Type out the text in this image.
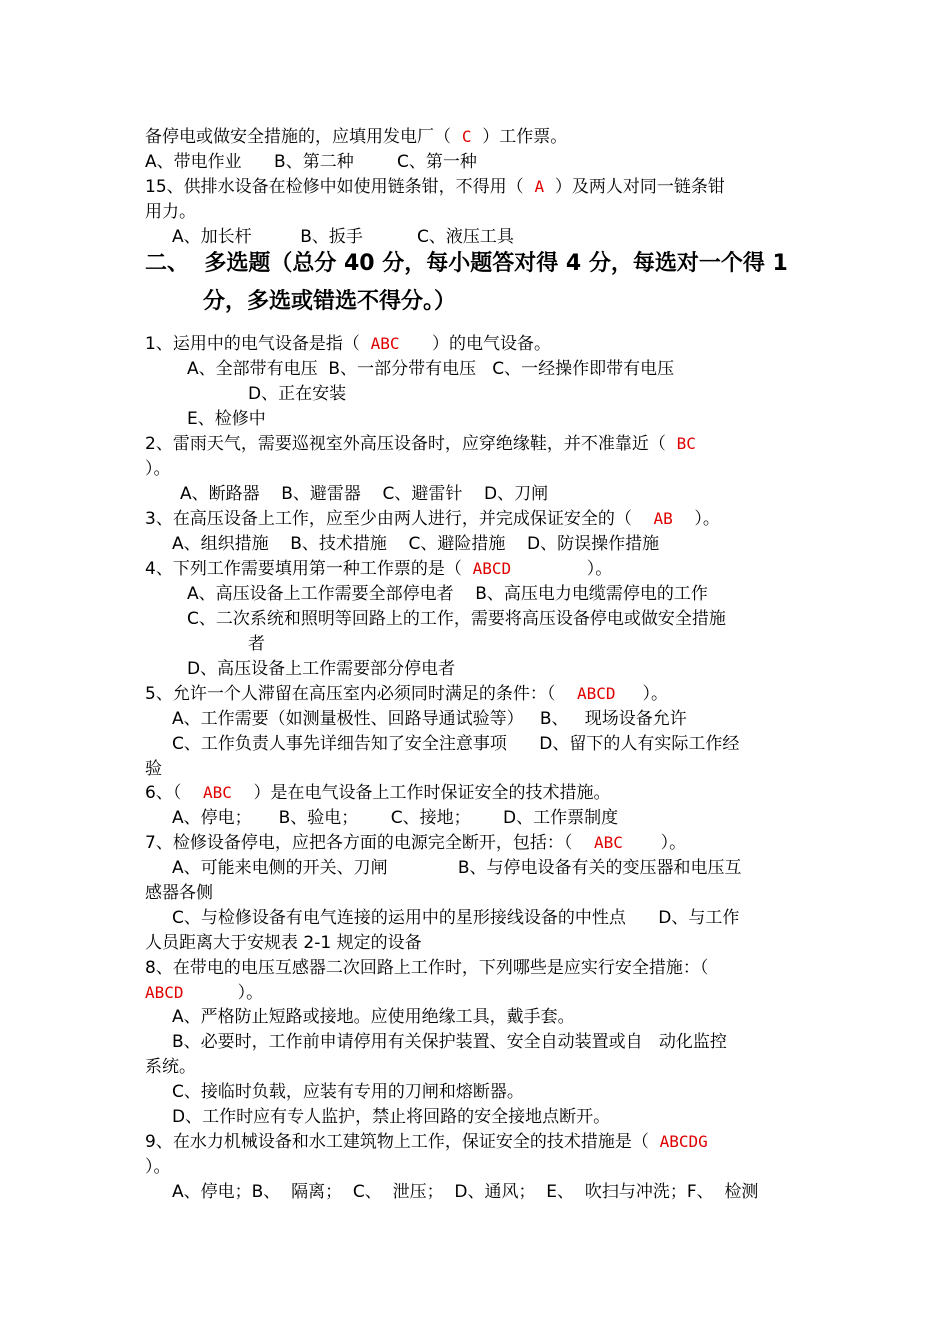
备停电或做安全措施的，应填用发电厂（  C  ）工作票。
A、带电作业      B、第二种        C、第一种
15、供排水设备在检修中如使用链条钳，不得用（  A  ）及两人对同一链条钳
用力。
A、加长杆         B、扳手          C、液压工具
二、  多选题（总分 40 分，每小题答对得 4 分，每选对一个得 1
分，多选或错选不得分。）
1、运用中的电气设备是指（  ABC      ）的电气设备。
A、全部带有电压  B、一部分带有电压   C、一经操作即带有电压
D、正在安装
E、检修中
2、雷雨天气，需要巡视室外高压设备时，应穿绝缘鞋，并不准靠近（  BC
）。
A、断路器    B、避雷器    C、避雷针    D、刀闸
3、在高压设备上工作，应至少由两人进行，并完成保证安全的（    AB    ）。
A、组织措施    B、技术措施    C、避险措施    D、防误操作措施
4、下列工作需要填用第一种工作票的是（  ABCD              ）。
A、高压设备上工作需要全部停电者    B、高压电力电缆需停电的工作
C、二次系统和照明等回路上的工作，需要将高压设备停电或做安全措施
者
D、高压设备上工作需要部分停电者
5、允许一个人滞留在高压室内必须同时满足的条件：（    ABCD     ）。
A、工作需要（如测量极性、回路导通试验等）   B、   现场设备允许
C、工作负责人事先详细告知了安全注意事项      D、留下的人有实际工作经
验
6、（    ABC    ）是在电气设备上工作时保证安全的技术措施。
A、停电；     B、验电；      C、接地；      D、工作票制度
7、检修设备停电，应把各方面的电源完全断开，包括：（    ABC       ）。
A、可能来电侧的开关、刀闸             B、与停电设备有关的变压器和电压互
感器各侧
C、与检修设备有电气连接的运用中的星形接线设备的中性点      D、与工作
人员距离大于安规表 2-1 规定的设备
8、在带电的电压互感器二次回路上工作时，下列哪些是应实行安全措施：（
ABCD          ）。
A、严格防止短路或接地。应使用绝缘工具，戴手套。
B、必要时，工作前申请停用有关保护装置、安全自动装置或自   动化监控
系统。
C、接临时负载，应装有专用的刀闸和熔断器。
D、工作时应有专人监护，禁止将回路的安全接地点断开。
9、在水力机械设备和水工建筑物上工作，保证安全的技术措施是（  ABCDG
）。
A、停电；B、  隔离；  C、  泄压；  D、通风；  E、  吹扫与冲洗；F、  检测
